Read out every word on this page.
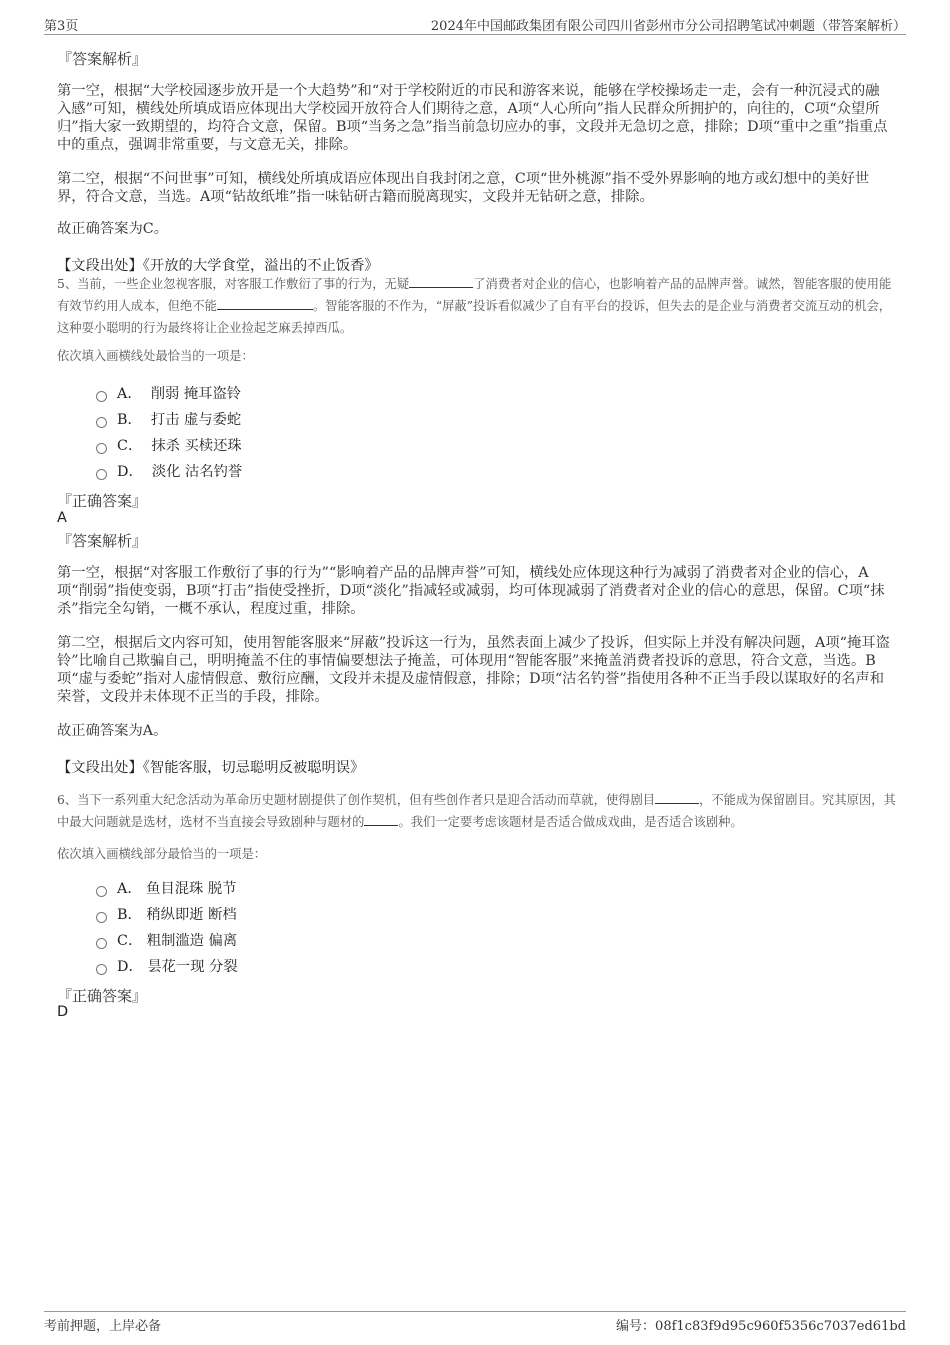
第3页	2024年中国邮政集团有限公司四川省彭州市分公司招聘笔试冲刺题（带答案解析）
『答案解析』
第一空，根据“大学校园逐步放开是一个大趋势”和“对于学校附近的市民和游客来说，能够在学校操场走一走，会有一种沉浸式的融入感”可知，横线处所填成语应体现出大学校园开放符合人们期待之意，A项“人心所向”指人民群众所拥护的，向往的，C项“众望所归”指大家一致期望的，均符合文意，保留。B项“当务之急”指当前急切应办的事，文段并无急切之意，排除；D项“重中之重”指重点中的重点，强调非常重要，与文意无关，排除。
第二空，根据“不问世事”可知，横线处所填成语应体现出自我封闭之意，C项“世外桃源”指不受外界影响的地方或幻想中的美好世界，符合文意，当选。A项“钻故纸堆”指一味钻研古籍而脱离现实，文段并无钻研之意，排除。
故正确答案为C。
【文段出处】《开放的大学食堂，溢出的不止饭香》
5、当前，一些企业忽视客服，对客服工作敷衍了事的行为，无疑	了消费者对企业的信心，也影响着产品的品牌声誉。诚然，智能客服的使用能有效节约用人成本，但绝不能	。智能客服的不作为，“屏蔽”投诉看似减少了自有平台的投诉，但失去的是企业与消费者交流互动的机会，这种耍小聪明的行为最终将让企业捡起芝麻丢掉西瓜。
依次填入画横线处最恰当的一项是：
A． 削弱 掩耳盗铃
B． 打击 虚与委蛇
C． 抹杀 买椟还珠
D． 淡化 沽名钓誉
『正确答案』
A
『答案解析』
第一空，根据“对客服工作敷衍了事的行为”“影响着产品的品牌声誉”可知，横线处应体现这种行为减弱了消费者对企业的信心，A项“削弱”指使变弱，B项“打击”指使受挫折，D项“淡化”指减轻或减弱，均可体现减弱了消费者对企业的信心的意思，保留。C项“抹杀”指完全勾销，一概不承认，程度过重，排除。
第二空，根据后文内容可知，使用智能客服来“屏蔽”投诉这一行为，虽然表面上减少了投诉，但实际上并没有解决问题，A项“掩耳盗铃”比喻自己欺骗自己，明明掩盖不住的事情偏要想法子掩盖，可体现用“智能客服”来掩盖消费者投诉的意思，符合文意，当选。B项“虚与委蛇”指对人虚情假意、敷衍应酬，文段并未提及虚情假意，排除；D项“沽名钓誉”指使用各种不正当手段以谋取好的名声和荣誉，文段并未体现不正当的手段，排除。
故正确答案为A。
【文段出处】《智能客服，切忌聪明反被聪明误》
6、当下一系列重大纪念活动为革命历史题材剧提供了创作契机，但有些创作者只是迎合活动而草就，使得剧目	，不能成为保留剧目。究其原因，其中最大问题就是选材，选材不当直接会导致剧种与题材的	。我们一定要考虑该题材是否适合做成戏曲，是否适合该剧种。
依次填入画横线部分最恰当的一项是：
A． 鱼目混珠 脱节
B． 稍纵即逝 断档
C． 粗制滥造 偏离
D． 昙花一现 分裂
『正确答案』
D
考前押题，上岸必备	编号：08f1c83f9d95c960f5356c7037ed61bd
